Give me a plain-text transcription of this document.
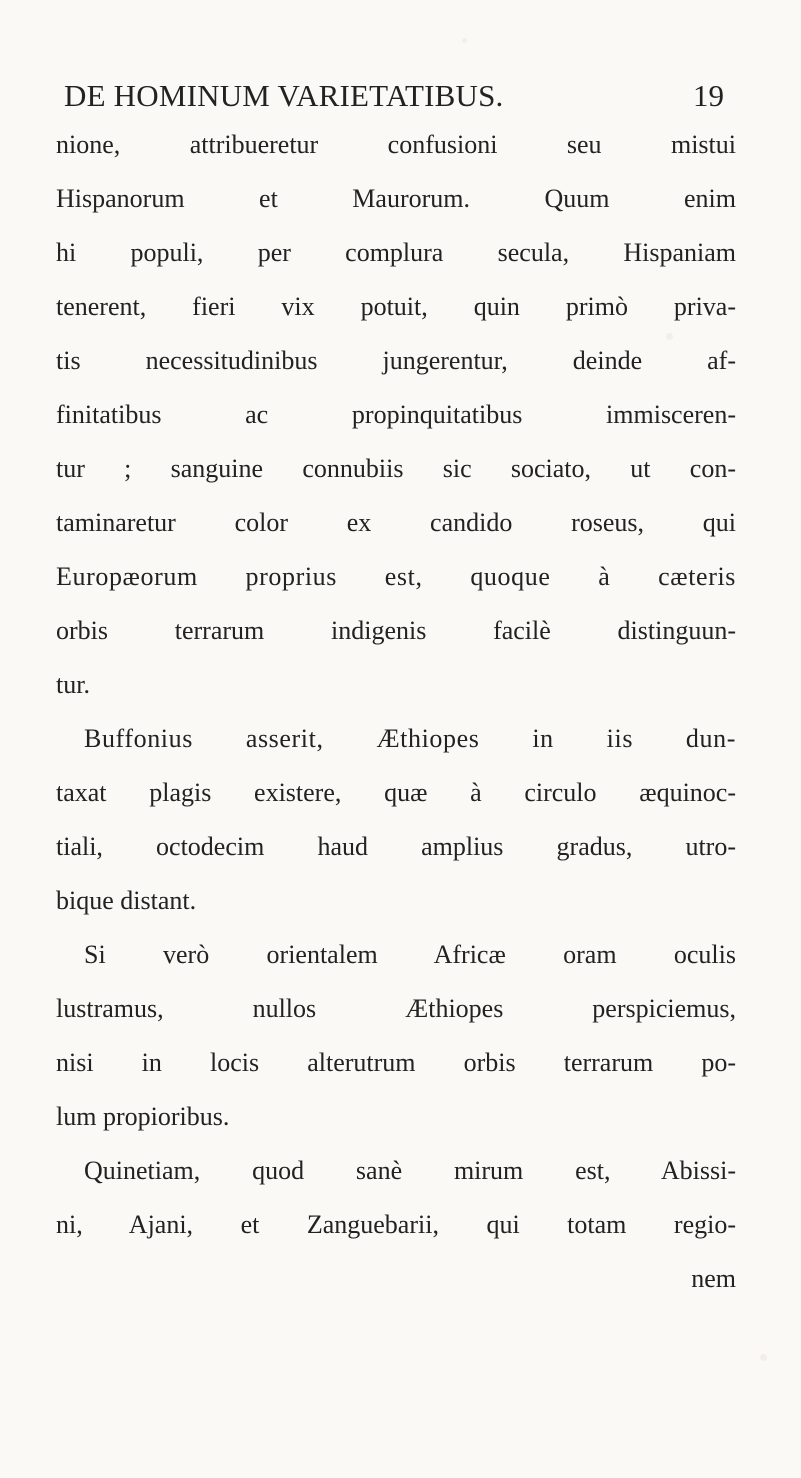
DE HOMINUM VARIETATIBUS.	19
nione, attribueretur confusioni seu mistui
Hispanorum et Maurorum. Quum enim
hi populi, per complura secula, Hispaniam
tenerent, fieri vix potuit, quin primò priva-
tis necessitudinibus jungerentur, deinde af-
finitatibus ac propinquitatibus immisceren-
tur ; sanguine connubiis sic sociato, ut con-
taminaretur color ex candido roseus, qui
Europæorum proprius est, quoque à cæteris
orbis terrarum indigenis facilè distinguun-
tur.
Buffonius asserit, Æthiopes in iis dun-
taxat plagis existere, quæ à circulo æquinoc-
tiali, octodecim haud amplius gradus, utro-
bique distant.
Si verò orientalem Africæ oram oculis
lustramus, nullos Æthiopes perspiciemus,
nisi in locis alterutrum orbis terrarum po-
lum propioribus.
Quinetiam, quod sanè mirum est, Abissi-
ni, Ajani, et Zanguebarii, qui totam regio-
nem
